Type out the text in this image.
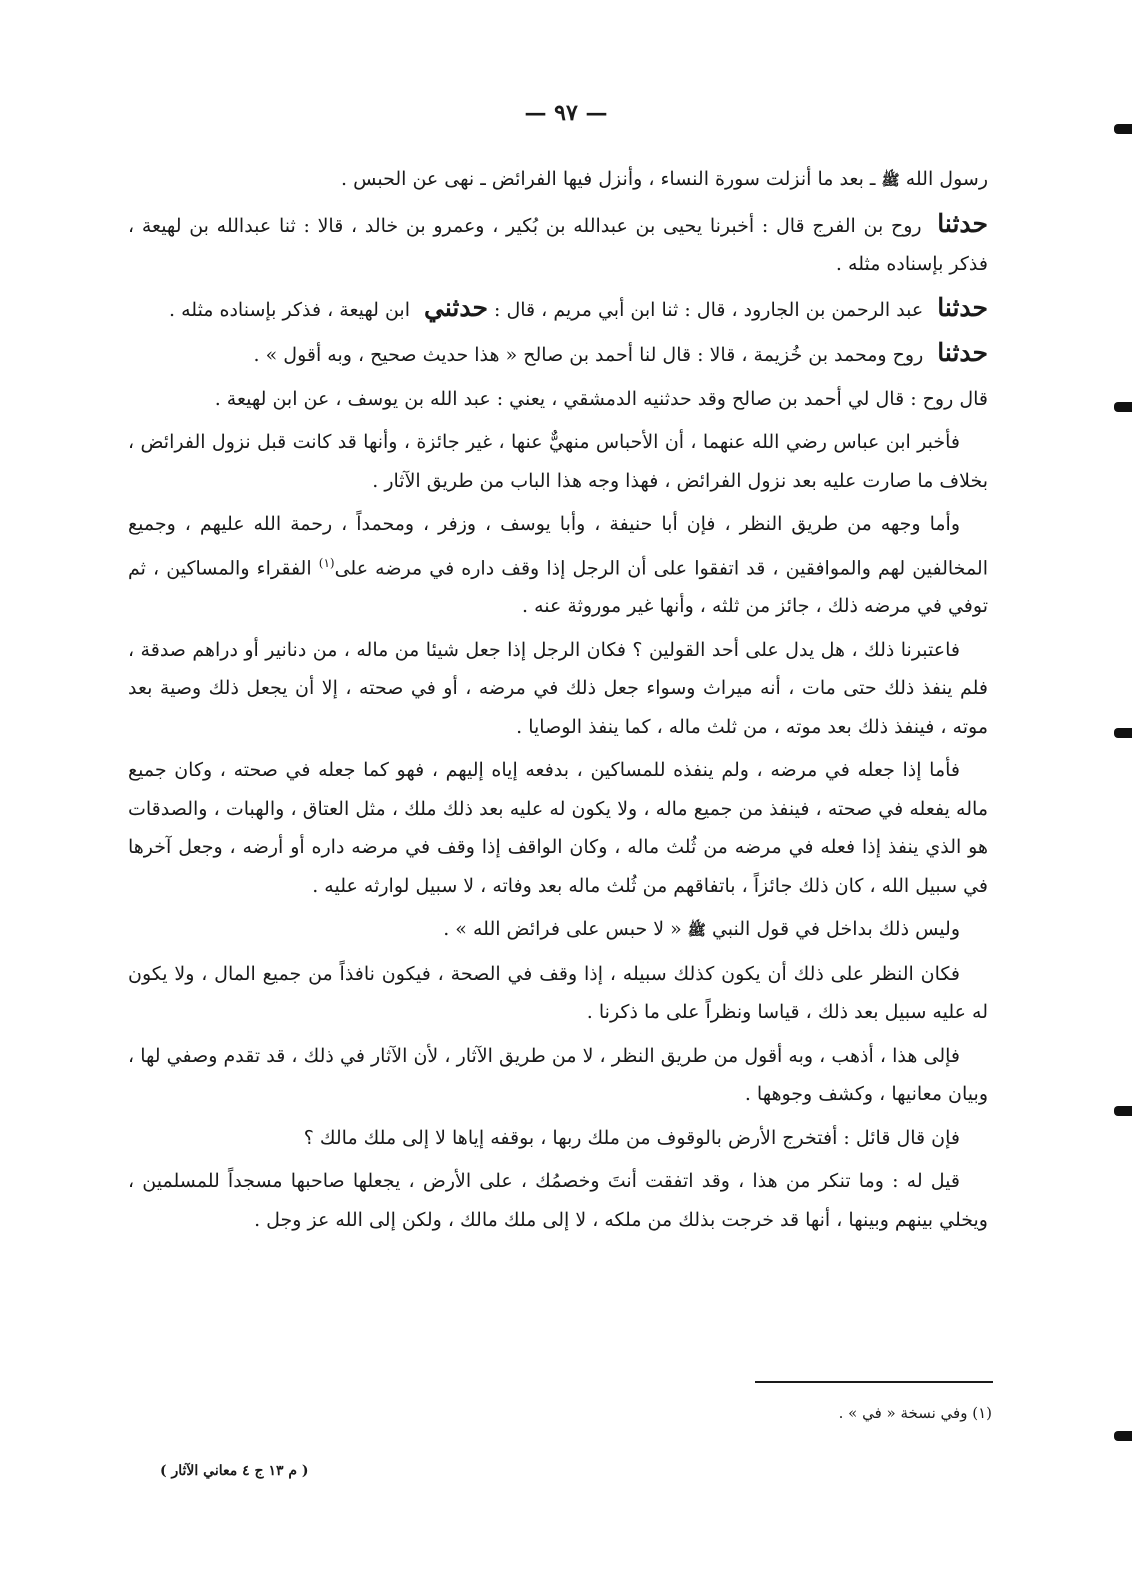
— ٩٧ —

رسول الله ﷺ ـ بعد ما أنزلت سورة النساء ، وأنزل فيها الفرائض ـ نهى عن الحبس .

حدثنا روح بن الفرج قال : أخبرنا يحيى بن عبدالله بن بُكير ، وعمرو بن خالد ، قالا : ثنا عبدالله بن لهيعة ، فذكر بإسناده مثله .

حدثنا عبد الرحمن بن الجارود ، قال : ثنا ابن أبي مريم ، قال : حدثني ابن لهيعة ، فذكر بإسناده مثله .

حدثنا روح ومحمد بن خُزيمة ، قالا : قال لنا أحمد بن صالح « هذا حديث صحيح ، وبه أقول » .

قال روح : قال لي أحمد بن صالح وقد حدثنيه الدمشقي ، يعني : عبد الله بن يوسف ، عن ابن لهيعة .

فأخبر ابن عباس رضي الله عنهما ، أن الأحباس منهيٌّ عنها ، غير جائزة ، وأنها قد كانت قبل نزول الفرائض ، بخلاف ما صارت عليه بعد نزول الفرائض ، فهذا وجه هذا الباب من طريق الآثار .

وأما وجهه من طريق النظر ، فإن أبا حنيفة ، وأبا يوسف ، وزفر ، ومحمداً ، رحمة الله عليهم ، وجميع المخالفين لهم والموافقين ، قد اتفقوا على أن الرجل إذا وقف داره في مرضه على$^{(١)}$ الفقراء والمساكين ، ثم توفي في مرضه ذلك ، جائز من ثلثه ، وأنها غير موروثة عنه .

فاعتبرنا ذلك ، هل يدل على أحد القولين ؟ فكان الرجل إذا جعل شيئا من ماله ، من دنانير أو دراهم صدقة ، فلم ينفذ ذلك حتى مات ، أنه ميراث وسواء جعل ذلك في مرضه ، أو في صحته ، إلا أن يجعل ذلك وصية بعد موته ، فينفذ ذلك بعد موته ، من ثلث ماله ، كما ينفذ الوصايا .

فأما إذا جعله في مرضه ، ولم ينفذه للمساكين ، بدفعه إياه إليهم ، فهو كما جعله في صحته ، وكان جميع ماله يفعله في صحته ، فينفذ من جميع ماله ، ولا يكون له عليه بعد ذلك ملك ، مثل العتاق ، والهبات ، والصدقات هو الذي ينفذ إذا فعله في مرضه من ثُلث ماله ، وكان الواقف إذا وقف في مرضه داره أو أرضه ، وجعل آخرها في سبيل الله ، كان ذلك جائزاً ، باتفاقهم من ثُلث ماله بعد وفاته ، لا سبيل لوارثه عليه .

وليس ذلك بداخل في قول النبي ﷺ « لا حبس على فرائض الله » .

فكان النظر على ذلك أن يكون كذلك سبيله ، إذا وقف في الصحة ، فيكون نافذاً من جميع المال ، ولا يكون له عليه سبيل بعد ذلك ، قياسا ونظراً على ما ذكرنا .

فإلى هذا ، أذهب ، وبه أقول من طريق النظر ، لا من طريق الآثار ، لأن الآثار في ذلك ، قد تقدم وصفي لها ، وبيان معانيها ، وكشف وجوهها .

فإن قال قائل : أفتخرج الأرض بالوقوف من ملك ربها ، بوقفه إياها لا إلى ملك مالك ؟

قيل له : وما تنكر من هذا ، وقد اتفقت أنتَ وخصمُك ، على الأرض ، يجعلها صاحبها مسجداً للمسلمين ، ويخلي بينهم وبينها ، أنها قد خرجت بذلك من ملكه ، لا إلى ملك مالك ، ولكن إلى الله عز وجل .

(١) وفي نسخة « في » .
( م ١٣ ج ٤ معاني الآثار )
